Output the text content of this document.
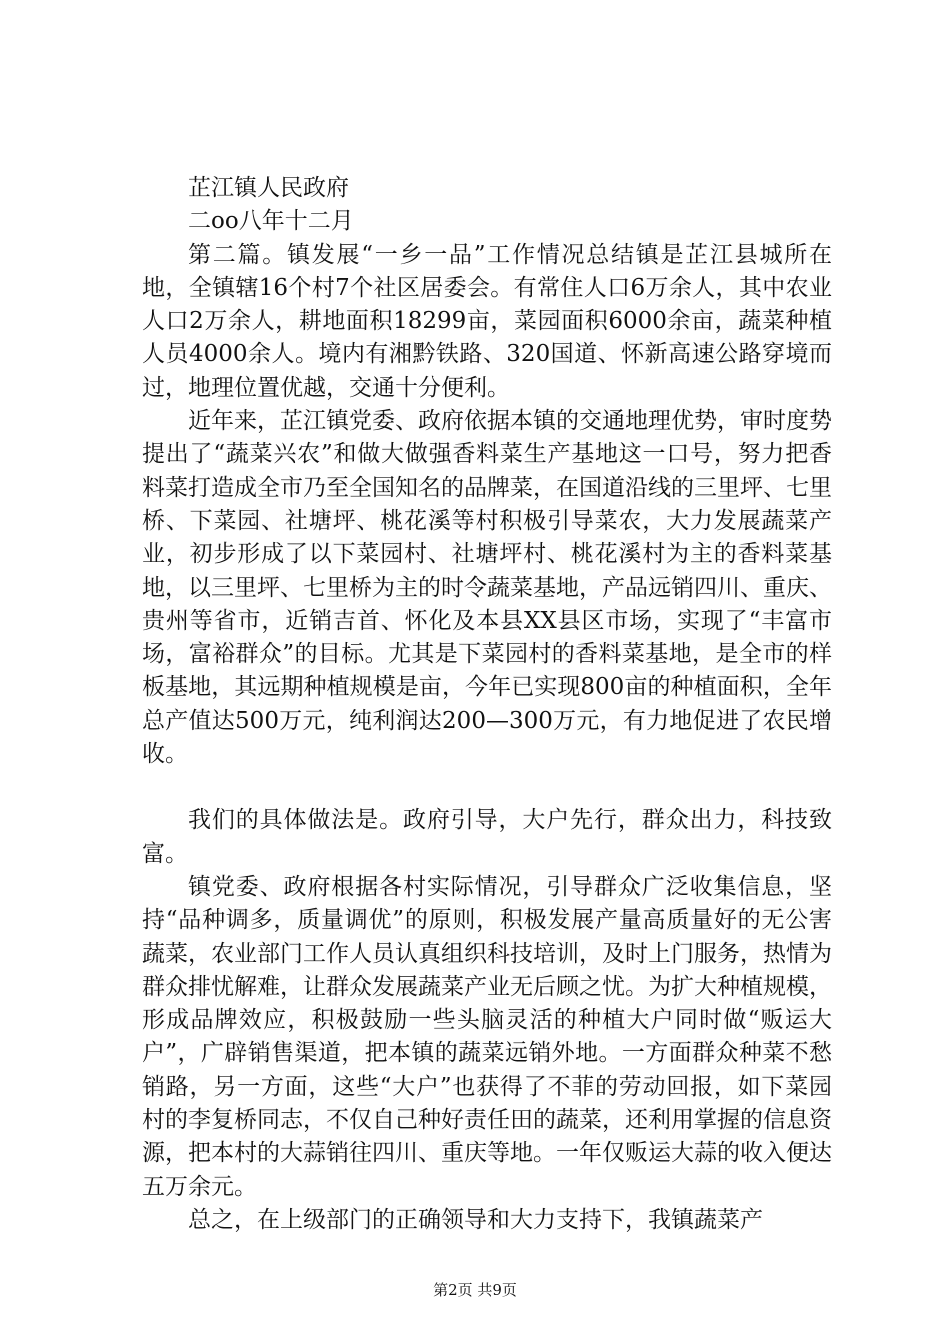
芷江镇人民政府

二oo八年十二月

第二篇。镇发展“一乡一品”工作情况总结镇是芷江县城所在地，全镇辖16个村7个社区居委会。有常住人口6万余人，其中农业人口2万余人，耕地面积18299亩，菜园面积6000余亩，蔬菜种植人员4000余人。境内有湘黔铁路、320国道、怀新高速公路穿境而过，地理位置优越，交通十分便利。

近年来，芷江镇党委、政府依据本镇的交通地理优势，审时度势提出了“蔬菜兴农”和做大做强香料菜生产基地这一口号，努力把香料菜打造成全市乃至全国知名的品牌菜，在国道沿线的三里坪、七里桥、下菜园、社塘坪、桃花溪等村积极引导菜农，大力发展蔬菜产业，初步形成了以下菜园村、社塘坪村、桃花溪村为主的香料菜基地，以三里坪、七里桥为主的时令蔬菜基地，产品远销四川、重庆、贵州等省市，近销吉首、怀化及本县XX县区市场，实现了“丰富市场，富裕群众”的目标。尤其是下菜园村的香料菜基地，是全市的样板基地，其远期种植规模是亩，今年已实现800亩的种植面积，全年总产值达500万元，纯利润达200—300万元，有力地促进了农民增收。

我们的具体做法是。政府引导，大户先行，群众出力，科技致富。

镇党委、政府根据各村实际情况，引导群众广泛收集信息，坚持“品种调多，质量调优”的原则，积极发展产量高质量好的无公害蔬菜，农业部门工作人员认真组织科技培训，及时上门服务，热情为群众排忧解难，让群众发展蔬菜产业无后顾之忧。为扩大种植规模，形成品牌效应，积极鼓励一些头脑灵活的种植大户同时做“贩运大户”，广辟销售渠道，把本镇的蔬菜远销外地。一方面群众种菜不愁销路，另一方面，这些“大户”也获得了不菲的劳动回报，如下菜园村的李复桥同志，不仅自己种好责任田的蔬菜，还利用掌握的信息资源，把本村的大蒜销往四川、重庆等地。一年仅贩运大蒜的收入便达五万余元。

总之，在上级部门的正确领导和大力支持下，我镇蔬菜产

第2页 共9页
